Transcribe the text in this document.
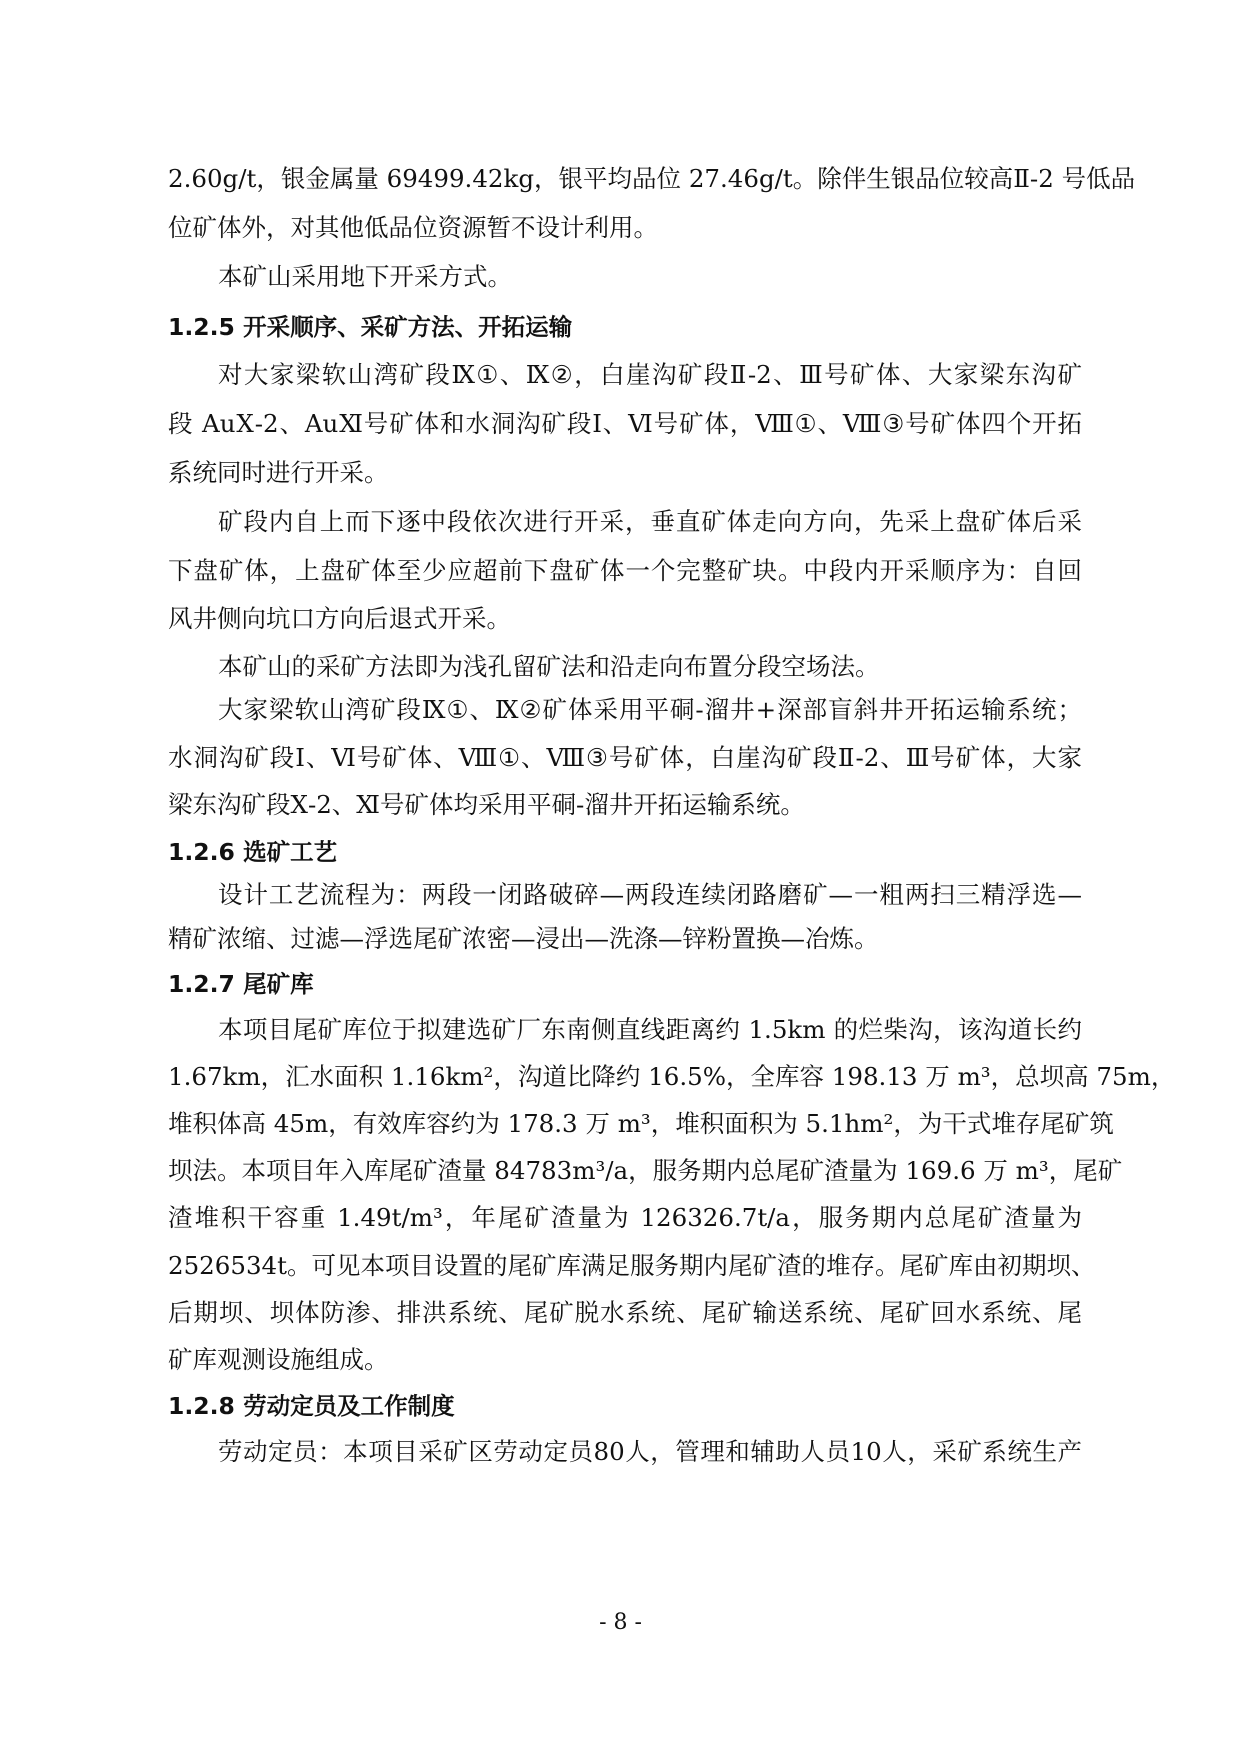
2.60g/t，银金属量 69499.42kg，银平均品位 27.46g/t。除伴生银品位较高Ⅱ-2 号低品
位矿体外，对其他低品位资源暂不设计利用。
本矿山采用地下开采方式。
1.2.5 开采顺序、采矿方法、开拓运输
对大家梁软山湾矿段Ⅸ①、Ⅸ②，白崖沟矿段Ⅱ-2、Ⅲ号矿体、大家梁东沟矿
段 AuⅩ-2、AuⅪ号矿体和水洞沟矿段Ⅰ、Ⅵ号矿体，Ⅷ①、Ⅷ③号矿体四个开拓
系统同时进行开采。
矿段内自上而下逐中段依次进行开采，垂直矿体走向方向，先采上盘矿体后采
下盘矿体，上盘矿体至少应超前下盘矿体一个完整矿块。中段内开采顺序为：自回
风井侧向坑口方向后退式开采。
本矿山的采矿方法即为浅孔留矿法和沿走向布置分段空场法。
大家梁软山湾矿段Ⅸ①、Ⅸ②矿体采用平硐-溜井+深部盲斜井开拓运输系统；
水洞沟矿段Ⅰ、Ⅵ号矿体、Ⅷ①、Ⅷ③号矿体，白崖沟矿段Ⅱ-2、Ⅲ号矿体，大家
梁东沟矿段Ⅹ-2、Ⅺ号矿体均采用平硐-溜井开拓运输系统。
1.2.6 选矿工艺
设计工艺流程为：两段一闭路破碎—两段连续闭路磨矿—一粗两扫三精浮选—
精矿浓缩、过滤—浮选尾矿浓密—浸出—洗涤—锌粉置换—冶炼。
1.2.7 尾矿库
本项目尾矿库位于拟建选矿厂东南侧直线距离约 1.5km 的烂柴沟，该沟道长约
1.67km，汇水面积 1.16km²，沟道比降约 16.5%，全库容 198.13 万 m³，总坝高 75m，
堆积体高 45m，有效库容约为 178.3 万 m³，堆积面积为 5.1hm²，为干式堆存尾矿筑
坝法。本项目年入库尾矿渣量 84783m³/a，服务期内总尾矿渣量为 169.6 万 m³，尾矿
渣堆积干容重 1.49t/m³，年尾矿渣量为 126326.7t/a，服务期内总尾矿渣量为
2526534t。可见本项目设置的尾矿库满足服务期内尾矿渣的堆存。尾矿库由初期坝、
后期坝、坝体防渗、排洪系统、尾矿脱水系统、尾矿输送系统、尾矿回水系统、尾
矿库观测设施组成。
1.2.8 劳动定员及工作制度
劳动定员：本项目采矿区劳动定员80人，管理和辅助人员10人，采矿系统生产
- 8 -
